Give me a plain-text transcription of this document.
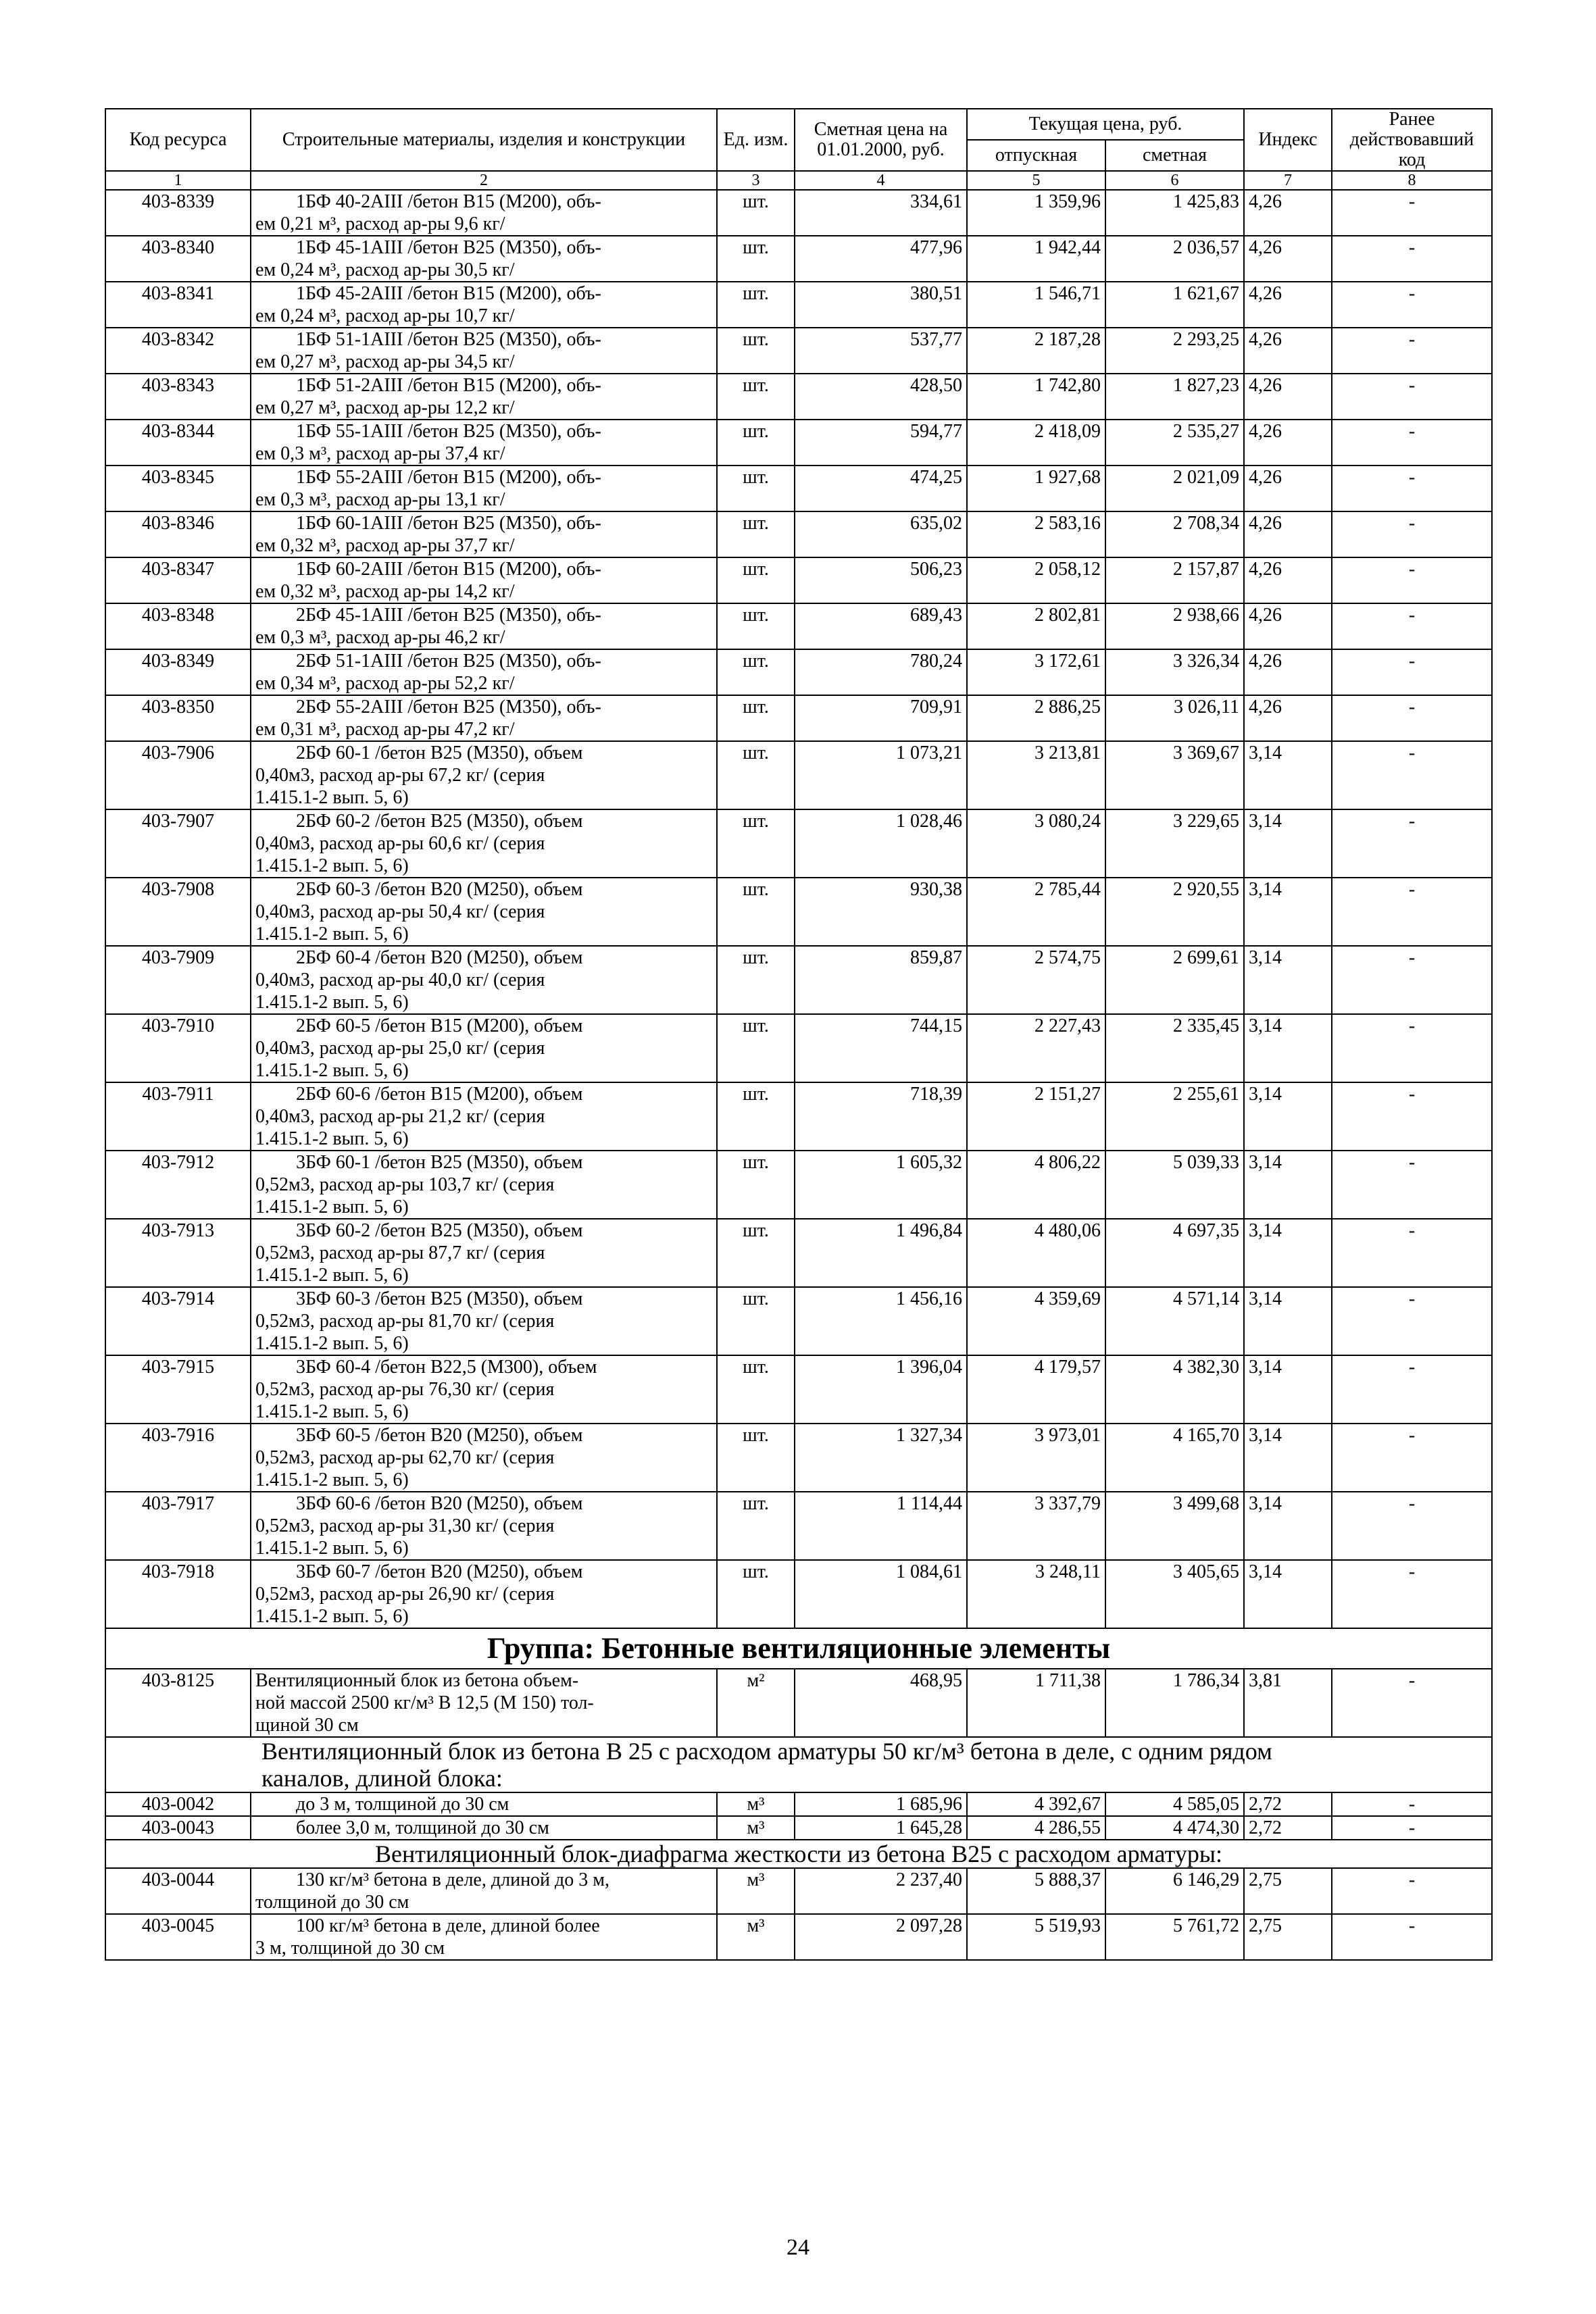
Код ресурса	Строительные материалы, изделия и конструкции	Ед. изм.	Сметная цена на 01.01.2000, руб.	Текущая цена, руб.		Индекс	Ранее действовавший код
				отпускная	сметная		
1	2	3	4	5	6	7	8
403-8339	1БФ 40-2АIII /бетон B15 (M200), объ-
ем 0,21 м³, расход ар-ры 9,6 кг/	шт.	334,61	1 359,96	1 425,83	4,26	-
403-8340	1БФ 45-1АIII /бетон B25 (M350), объ-
ем 0,24 м³, расход ар-ры 30,5 кг/	шт.	477,96	1 942,44	2 036,57	4,26	-
403-8341	1БФ 45-2АIII /бетон B15 (M200), объ-
ем 0,24 м³, расход ар-ры 10,7 кг/	шт.	380,51	1 546,71	1 621,67	4,26	-
403-8342	1БФ 51-1АIII /бетон B25 (M350), объ-
ем 0,27 м³, расход ар-ры 34,5 кг/	шт.	537,77	2 187,28	2 293,25	4,26	-
403-8343	1БФ 51-2АIII /бетон B15 (M200), объ-
ем 0,27 м³, расход ар-ры 12,2 кг/	шт.	428,50	1 742,80	1 827,23	4,26	-
403-8344	1БФ 55-1АIII /бетон B25 (M350), объ-
ем 0,3 м³, расход ар-ры 37,4 кг/	шт.	594,77	2 418,09	2 535,27	4,26	-
403-8345	1БФ 55-2АIII /бетон B15 (M200), объ-
ем 0,3 м³, расход ар-ры 13,1 кг/	шт.	474,25	1 927,68	2 021,09	4,26	-
403-8346	1БФ 60-1АIII /бетон B25 (M350), объ-
ем 0,32 м³, расход ар-ры 37,7 кг/	шт.	635,02	2 583,16	2 708,34	4,26	-
403-8347	1БФ 60-2АIII /бетон B15 (M200), объ-
ем 0,32 м³, расход ар-ры 14,2 кг/	шт.	506,23	2 058,12	2 157,87	4,26	-
403-8348	2БФ 45-1АIII /бетон B25 (M350), объ-
ем 0,3 м³, расход ар-ры 46,2 кг/	шт.	689,43	2 802,81	2 938,66	4,26	-
403-8349	2БФ 51-1АIII /бетон B25 (M350), объ-
ем 0,34 м³, расход ар-ры 52,2 кг/	шт.	780,24	3 172,61	3 326,34	4,26	-
403-8350	2БФ 55-2АIII /бетон B25 (M350), объ-
ем 0,31 м³, расход ар-ры 47,2 кг/	шт.	709,91	2 886,25	3 026,11	4,26	-
403-7906	2БФ 60-1 /бетон B25 (M350), объем
0,40м3, расход ар-ры 67,2 кг/ (серия
1.415.1-2 вып. 5, 6)	шт.	1 073,21	3 213,81	3 369,67	3,14	-
403-7907	2БФ 60-2 /бетон B25 (M350), объем
0,40м3, расход ар-ры 60,6 кг/ (серия
1.415.1-2 вып. 5, 6)	шт.	1 028,46	3 080,24	3 229,65	3,14	-
403-7908	2БФ 60-3 /бетон B20 (M250), объем
0,40м3, расход ар-ры 50,4 кг/ (серия
1.415.1-2 вып. 5, 6)	шт.	930,38	2 785,44	2 920,55	3,14	-
403-7909	2БФ 60-4 /бетон B20 (M250), объем
0,40м3, расход ар-ры 40,0 кг/ (серия
1.415.1-2 вып. 5, 6)	шт.	859,87	2 574,75	2 699,61	3,14	-
403-7910	2БФ 60-5 /бетон B15 (M200), объем
0,40м3, расход ар-ры 25,0 кг/ (серия
1.415.1-2 вып. 5, 6)	шт.	744,15	2 227,43	2 335,45	3,14	-
403-7911	2БФ 60-6 /бетон B15 (M200), объем
0,40м3, расход ар-ры 21,2 кг/ (серия
1.415.1-2 вып. 5, 6)	шт.	718,39	2 151,27	2 255,61	3,14	-
403-7912	3БФ 60-1 /бетон B25 (M350), объем
0,52м3, расход ар-ры 103,7 кг/ (серия
1.415.1-2 вып. 5, 6)	шт.	1 605,32	4 806,22	5 039,33	3,14	-
403-7913	3БФ 60-2 /бетон B25 (M350), объем
0,52м3, расход ар-ры 87,7 кг/ (серия
1.415.1-2 вып. 5, 6)	шт.	1 496,84	4 480,06	4 697,35	3,14	-
403-7914	3БФ 60-3 /бетон B25 (M350), объем
0,52м3, расход ар-ры 81,70 кг/ (серия
1.415.1-2 вып. 5, 6)	шт.	1 456,16	4 359,69	4 571,14	3,14	-
403-7915	3БФ 60-4 /бетон B22,5 (M300), объем
0,52м3, расход ар-ры 76,30 кг/ (серия
1.415.1-2 вып. 5, 6)	шт.	1 396,04	4 179,57	4 382,30	3,14	-
403-7916	3БФ 60-5 /бетон B20 (M250), объем
0,52м3, расход ар-ры 62,70 кг/ (серия
1.415.1-2 вып. 5, 6)	шт.	1 327,34	3 973,01	4 165,70	3,14	-
403-7917	3БФ 60-6 /бетон B20 (M250), объем
0,52м3, расход ар-ры 31,30 кг/ (серия
1.415.1-2 вып. 5, 6)	шт.	1 114,44	3 337,79	3 499,68	3,14	-
403-7918	3БФ 60-7 /бетон B20 (M250), объем
0,52м3, расход ар-ры 26,90 кг/ (серия
1.415.1-2 вып. 5, 6)	шт.	1 084,61	3 248,11	3 405,65	3,14	-
Группа: Бетонные вентиляционные элементы							
403-8125	Вентиляционный блок из бетона объем-
ной массой 2500 кг/м³ В 12,5 (М 150) тол-
щиной 30 см	м²	468,95	1 711,38	1 786,34	3,81	-
Вентиляционный блок из бетона В 25 с расходом арматуры 50 кг/м³ бетона в деле, с одним рядом
каналов, длиной блока:							
403-0042	до 3 м, толщиной до 30 см	м³	1 685,96	4 392,67	4 585,05	2,72	-
403-0043	более 3,0 м, толщиной до 30 см	м³	1 645,28	4 286,55	4 474,30	2,72	-
Вентиляционный блок-диафрагма жесткости из бетона В25 с расходом арматуры:							
403-0044	130 кг/м³ бетона в деле, длиной до 3 м,
толщиной до 30 см	м³	2 237,40	5 888,37	6 146,29	2,75	-
403-0045	100 кг/м³ бетона в деле, длиной более
3 м, толщиной до 30 см	м³	2 097,28	5 519,93	5 761,72	2,75	-
24
